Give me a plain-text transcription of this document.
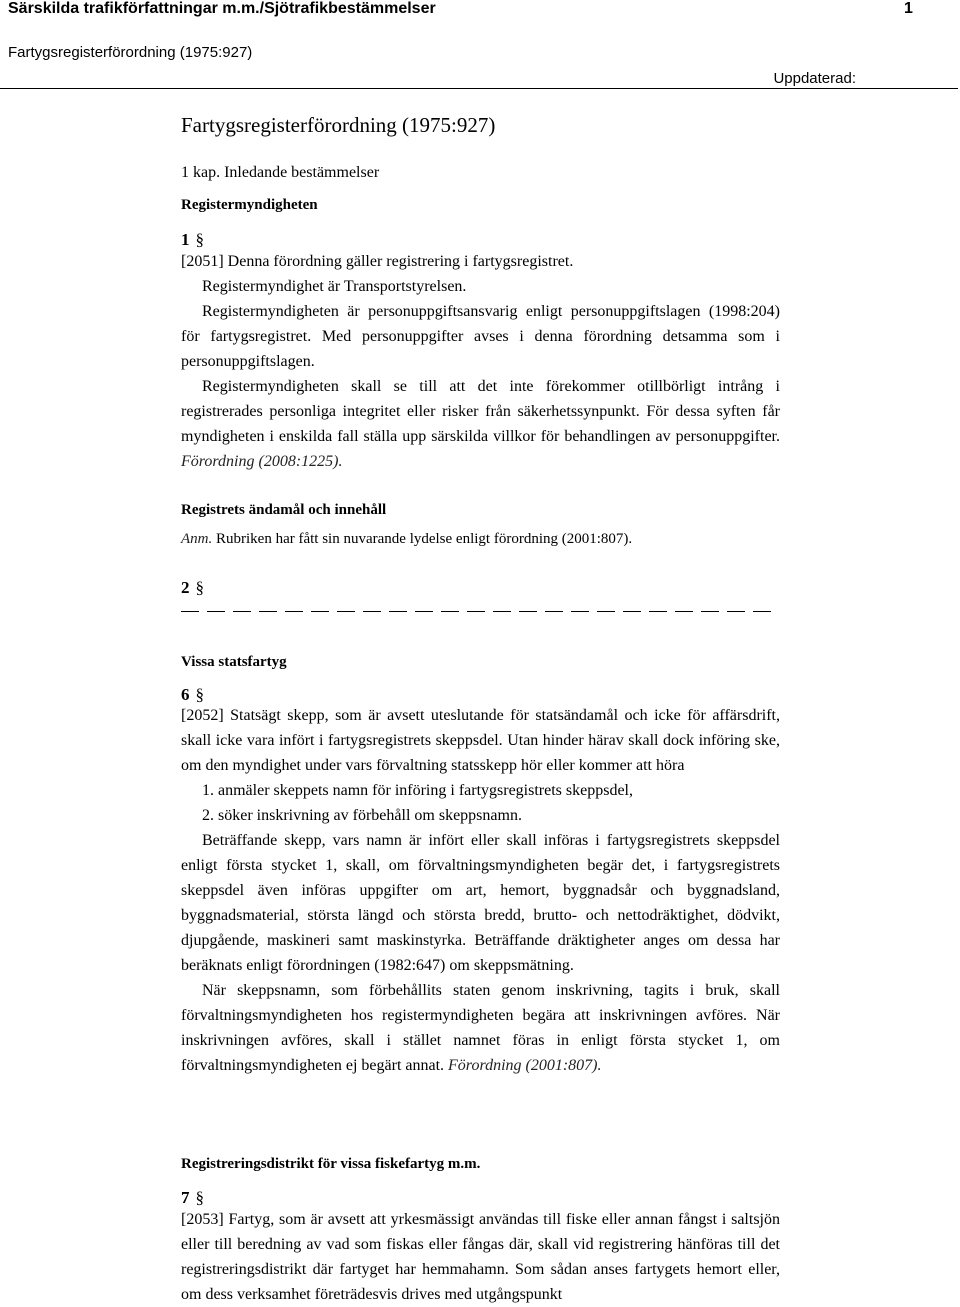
Särskilda trafikförfattningar m.m./Sjötrafikbestämmelser	1
Fartygsregisterförordning (1975:927)
Uppdaterad:
Fartygsregisterförordning (1975:927)
1 kap. Inledande bestämmelser
Registermyndigheten
1 §

[2051] Denna förordning gäller registrering i fartygsregistret.

Registermyndighet är Transportstyrelsen.

Registermyndigheten är personuppgiftsansvarig enligt personuppgiftslagen (1998:204) för fartygsregistret. Med personuppgifter avses i denna förordning detsamma som i personuppgiftslagen.

Registermyndigheten skall se till att det inte förekommer otillbörligt intrång i registrerades personliga integritet eller risker från säkerhetssynpunkt. För dessa syften får myndigheten i enskilda fall ställa upp särskilda villkor för behandlingen av personuppgifter. Förordning (2008:1225).

Registrets ändamål och innehåll
Anm. Rubriken har fått sin nuvarande lydelse enligt förordning (2001:807).
2 §
Vissa statsfartyg
6 §

[2052] Statsägt skepp, som är avsett uteslutande för statsändamål och icke för affärsdrift, skall icke vara infört i fartygsregistrets skeppsdel. Utan hinder härav skall dock införing ske, om den myndighet under vars förvaltning statsskepp hör eller kommer att höra

1. anmäler skeppets namn för införing i fartygsregistrets skeppsdel,

2. söker inskrivning av förbehåll om skeppsnamn.

Beträffande skepp, vars namn är infört eller skall införas i fartygsregistrets skeppsdel enligt första stycket 1, skall, om förvaltningsmyndigheten begär det, i fartygsregistrets skeppsdel även införas uppgifter om art, hemort, byggnadsår och byggnadsland, byggnadsmaterial, största längd och största bredd, brutto- och nettodräktighet, dödvikt, djupgående, maskineri samt maskinstyrka. Beträffande dräktigheter anges om dessa har beräknats enligt förordningen (1982:647) om skeppsmätning.

När skeppsnamn, som förbehållits staten genom inskrivning, tagits i bruk, skall förvaltningsmyndigheten hos registermyndigheten begära att inskrivningen avföres. När inskrivningen avföres, skall i stället namnet föras in enligt första stycket 1, om förvaltningsmyndigheten ej begärt annat. Förordning (2001:807).

Registreringsdistrikt för vissa fiskefartyg m.m.
7 §

[2053] Fartyg, som är avsett att yrkesmässigt användas till fiske eller annan fångst i saltsjön eller till beredning av vad som fiskas eller fångas där, skall vid registrering hänföras till det registreringsdistrikt där fartyget har hemmahamn. Som sådan anses fartygets hemort eller, om dess verksamhet företrädesvis drives med utgångspunkt
